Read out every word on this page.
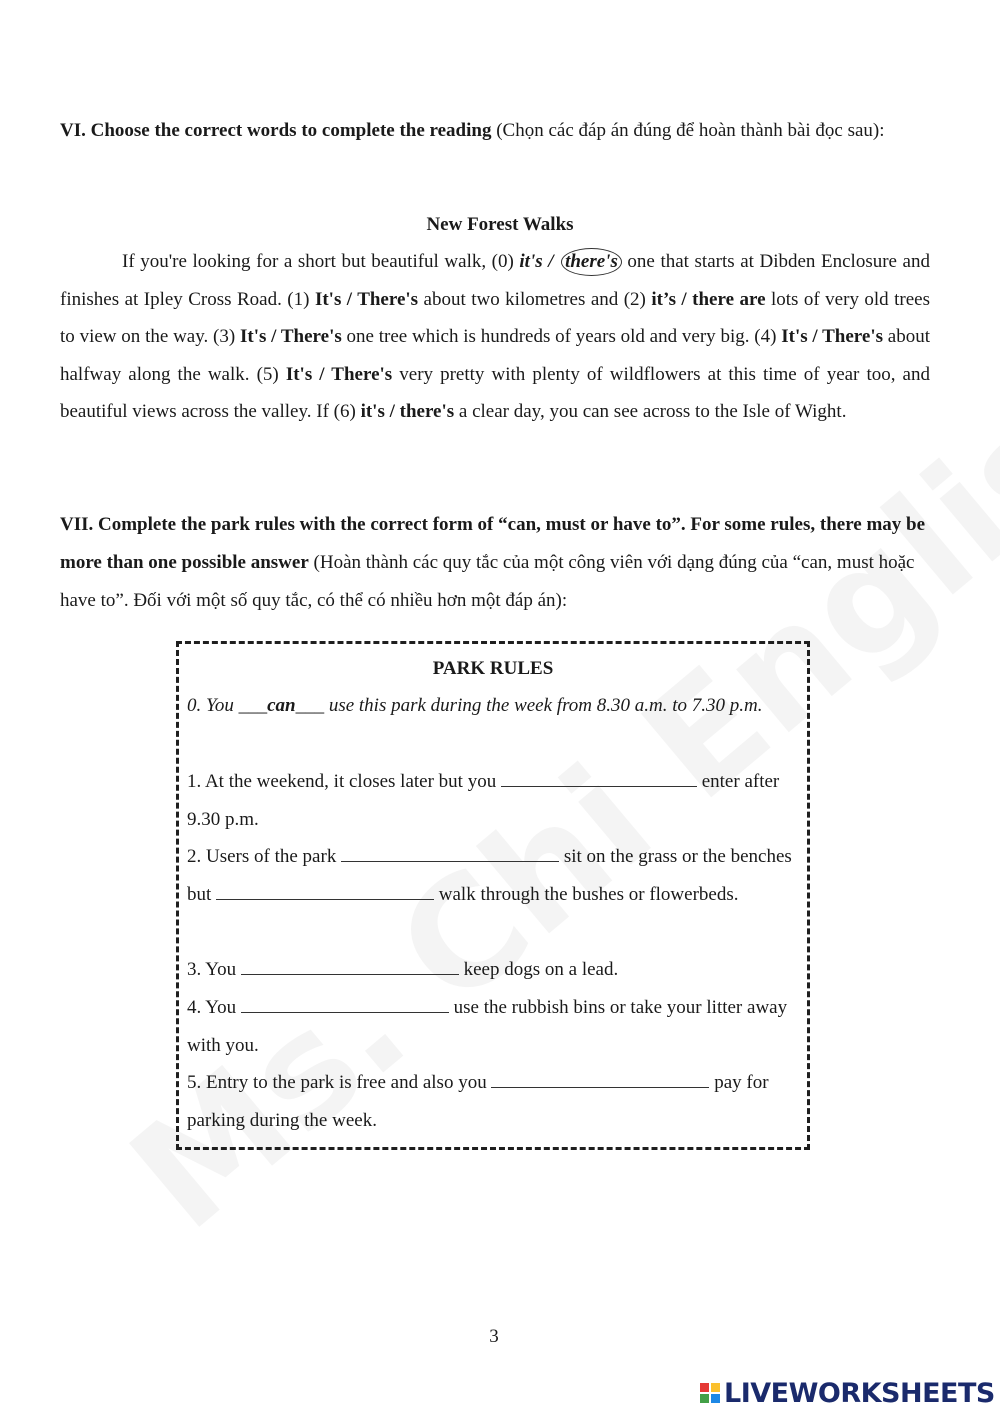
VI. Choose the correct words to complete the reading (Chọn các đáp án đúng để hoàn thành bài đọc sau):
New Forest Walks
If you're looking for a short but beautiful walk, (0) it's / there's one that starts at Dibden Enclosure and finishes at Ipley Cross Road. (1) It's / There's about two kilometres and (2) it’s / there are lots of very old trees to view on the way. (3) It's / There's one tree which is hundreds of years old and very big. (4) It's / There's about halfway along the walk. (5) It's / There's very pretty with plenty of wildflowers at this time of year too, and beautiful views across the valley. If (6) it's / there's a clear day, you can see across to the Isle of Wight.
VII. Complete the park rules with the correct form of “can, must or have to”. For some rules, there may be more than one possible answer (Hoàn thành các quy tắc của một công viên với dạng đúng của “can, must hoặc have to”. Đối với một số quy tắc, có thể có nhiều hơn một đáp án):
PARK RULES
0. You ___can___ use this park during the week from 8.30 a.m. to 7.30 p.m.
1. At the weekend, it closes later but you	enter after 9.30 p.m.
2. Users of the park	sit on the grass or the benches but	walk through the bushes or flowerbeds.
3. You	keep dogs on a lead.
4. You	use the rubbish bins or take your litter away with you.
5. Entry to the park is free and also you	pay for parking during the week.
3
LIVEWORKSHEETS
